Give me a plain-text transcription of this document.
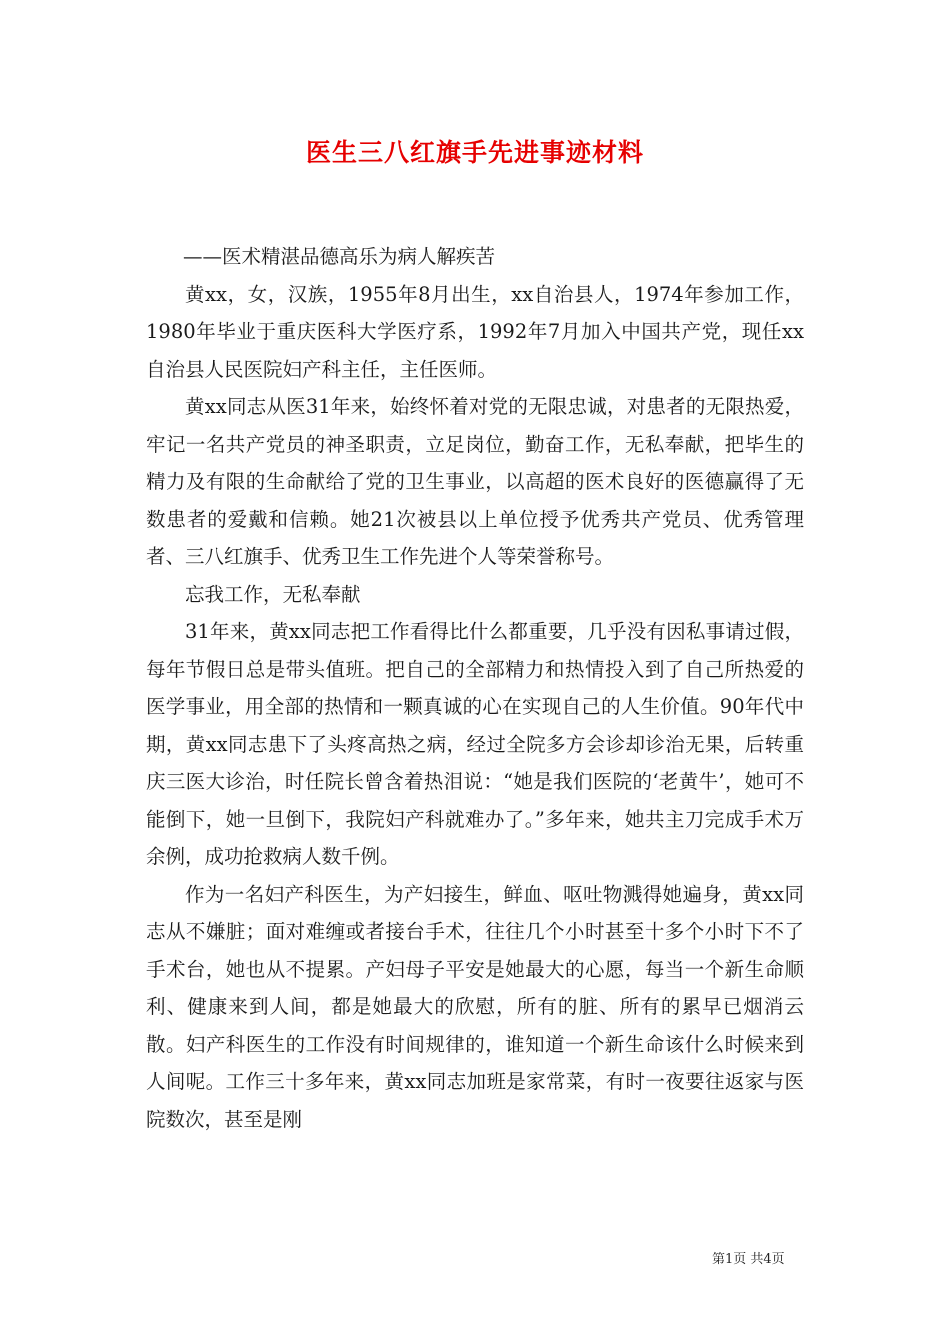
医生三八红旗手先进事迹材料

——医术精湛品德高乐为病人解疾苦

黄xx，女，汉族，1955年8月出生，xx自治县人，1974年参加工作，1980年毕业于重庆医科大学医疗系，1992年7月加入中国共产党，现任xx自治县人民医院妇产科主任，主任医师。

黄xx同志从医31年来，始终怀着对党的无限忠诚，对患者的无限热爱，牢记一名共产党员的神圣职责，立足岗位，勤奋工作，无私奉献，把毕生的精力及有限的生命献给了党的卫生事业，以高超的医术良好的医德赢得了无数患者的爱戴和信赖。她21次被县以上单位授予优秀共产党员、优秀管理者、三八红旗手、优秀卫生工作先进个人等荣誉称号。

忘我工作，无私奉献

31年来，黄xx同志把工作看得比什么都重要，几乎没有因私事请过假，每年节假日总是带头值班。把自己的全部精力和热情投入到了自己所热爱的医学事业，用全部的热情和一颗真诚的心在实现自己的人生价值。90年代中期，黄xx同志患下了头疼高热之病，经过全院多方会诊却诊治无果，后转重庆三医大诊治，时任院长曾含着热泪说：“她是我们医院的‘老黄牛’，她可不能倒下，她一旦倒下，我院妇产科就难办了。”多年来，她共主刀完成手术万余例，成功抢救病人数千例。

作为一名妇产科医生，为产妇接生，鲜血、呕吐物溅得她遍身，黄xx同志从不嫌脏；面对难缠或者接台手术，往往几个小时甚至十多个小时下不了手术台，她也从不提累。产妇母子平安是她最大的心愿，每当一个新生命顺利、健康来到人间，都是她最大的欣慰，所有的脏、所有的累早已烟消云散。妇产科医生的工作没有时间规律的，谁知道一个新生命该什么时候来到人间呢。工作三十多年来，黄xx同志加班是家常菜，有时一夜要往返家与医院数次，甚至是刚

第1页 共4页
